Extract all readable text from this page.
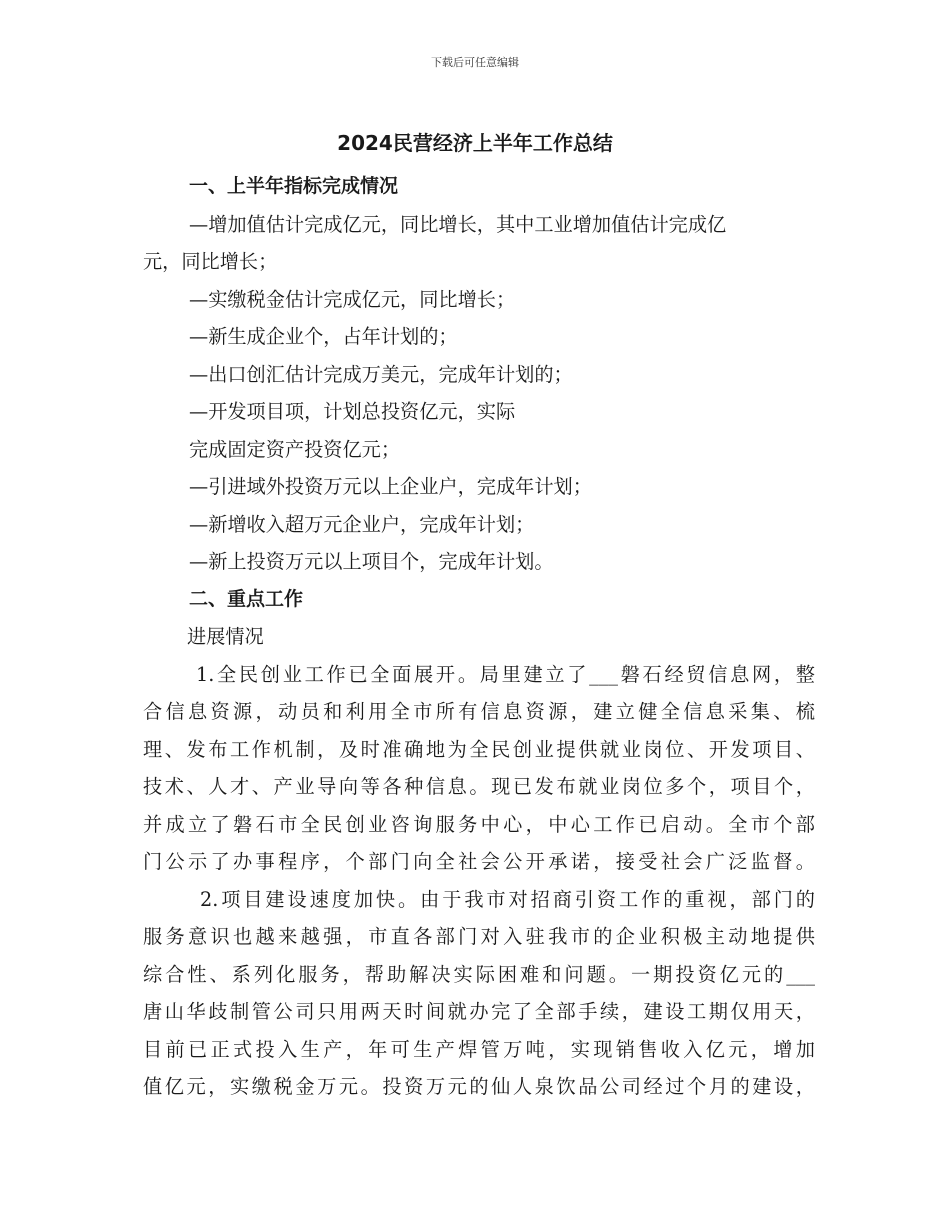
下载后可任意编辑
2024民营经济上半年工作总结
一、上半年指标完成情况
—增加值估计完成亿元，同比增长，其中工业增加值估计完成亿
元，同比增长；
—实缴税金估计完成亿元，同比增长；
—新生成企业个，占年计划的；
—出口创汇估计完成万美元，完成年计划的；
—开发项目项，计划总投资亿元，实际
完成固定资产投资亿元；
—引进域外投资万元以上企业户，完成年计划；
—新增收入超万元企业户，完成年计划；
—新上投资万元以上项目个，完成年计划。
二、重点工作
进展情况
1.全民创业工作已全面展开。局里建立了___磐石经贸信息网，整
合信息资源，动员和利用全市所有信息资源，建立健全信息采集、梳
理、发布工作机制，及时准确地为全民创业提供就业岗位、开发项目、
技术、人才、产业导向等各种信息。现已发布就业岗位多个，项目个，
并成立了磐石市全民创业咨询服务中心，中心工作已启动。全市个部
门公示了办事程序，个部门向全社会公开承诺，接受社会广泛监督。
2.项目建设速度加快。由于我市对招商引资工作的重视，部门的
服务意识也越来越强，市直各部门对入驻我市的企业积极主动地提供
综合性、系列化服务，帮助解决实际困难和问题。一期投资亿元的___
唐山华歧制管公司只用两天时间就办完了全部手续，建设工期仅用天，
目前已正式投入生产，年可生产焊管万吨，实现销售收入亿元，增加
值亿元，实缴税金万元。投资万元的仙人泉饮品公司经过个月的建设，
